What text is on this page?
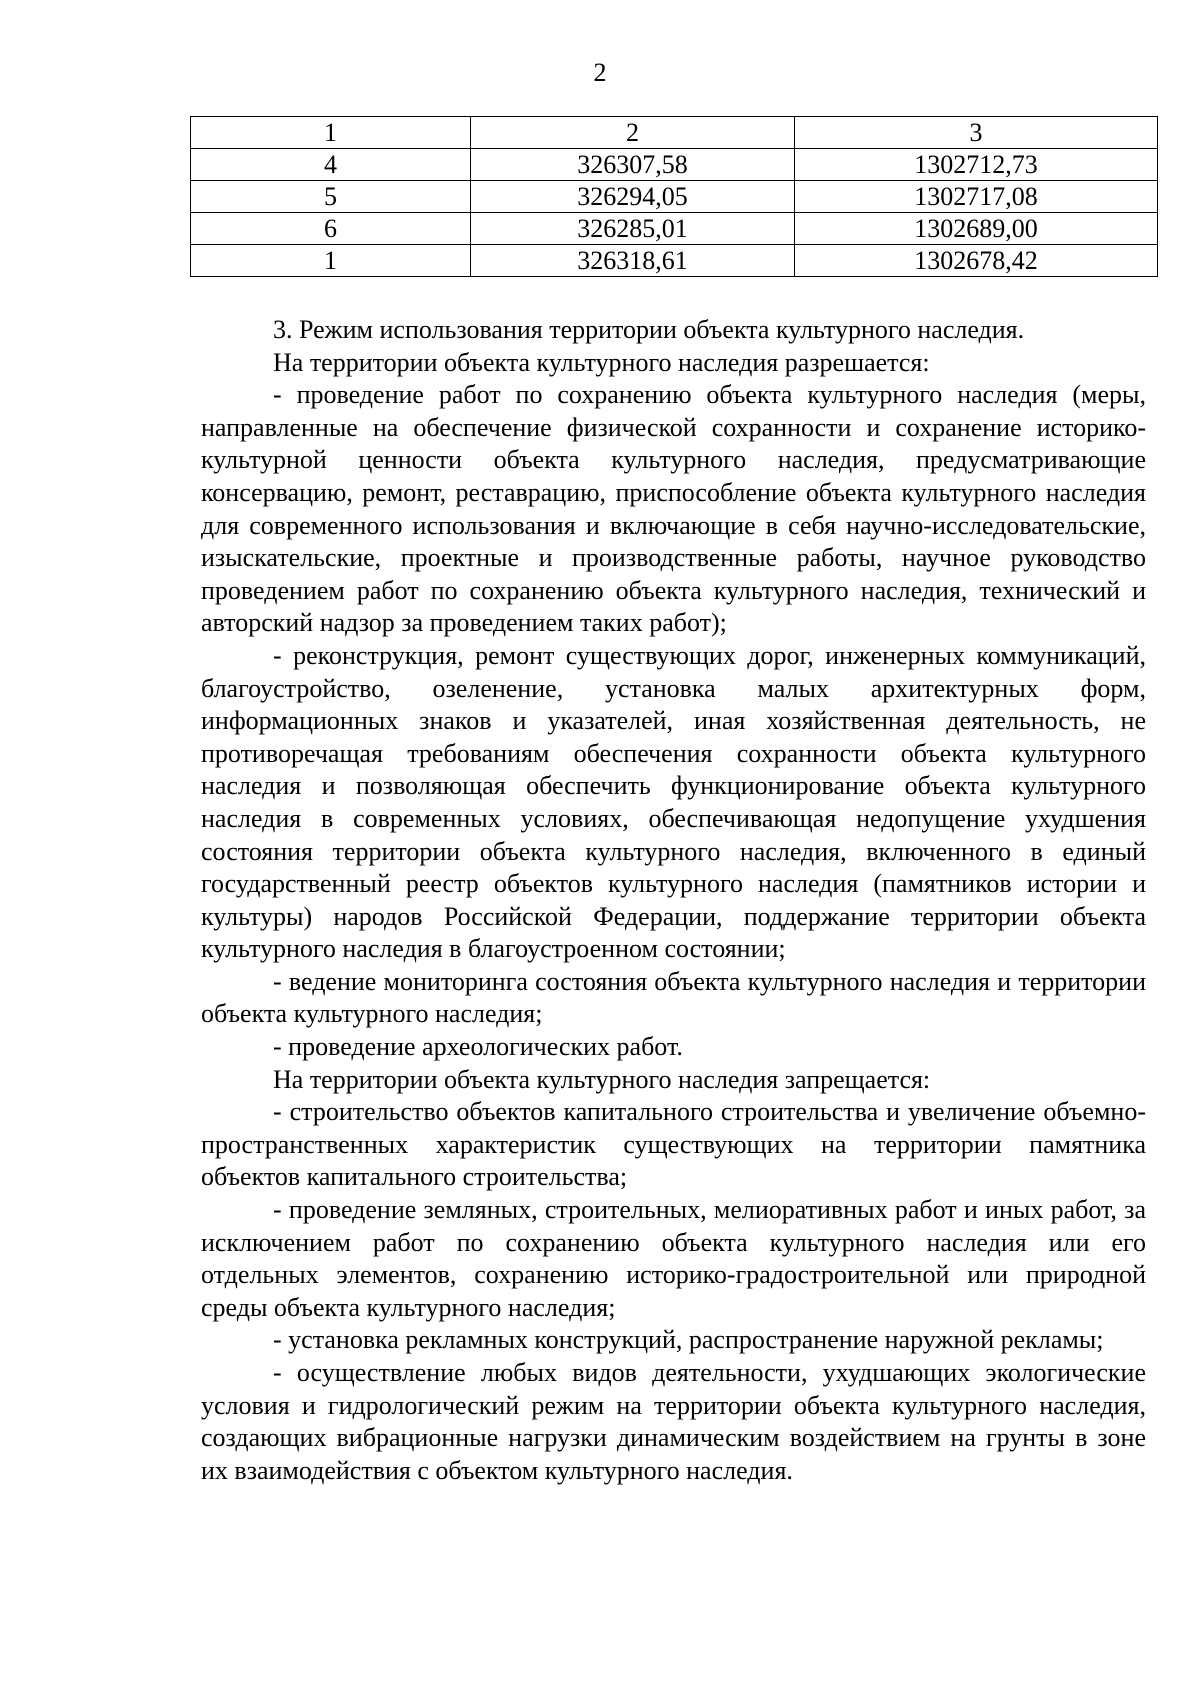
2
1	2	3
4	326307,58	1302712,73
5	326294,05	1302717,08
6	326285,01	1302689,00
1	326318,61	1302678,42

3. Режим использования территории объекта культурного наследия.

На территории объекта культурного наследия разрешается:

- проведение работ по сохранению объекта культурного наследия (меры, направленные на обеспечение физической сохранности и сохранение историко-культурной ценности объекта культурного наследия, предусматривающие консервацию, ремонт, реставрацию, приспособление объекта культурного наследия для современного использования и включающие в себя научно-исследовательские, изыскательские, проектные и производственные работы, научное руководство проведением работ по сохранению объекта культурного наследия, технический и авторский надзор за проведением таких работ);

- реконструкция, ремонт существующих дорог, инженерных коммуникаций, благоустройство, озеленение, установка малых архитектурных форм, информационных знаков и указателей, иная хозяйственная деятельность, не противоречащая требованиям обеспечения сохранности объекта культурного наследия и позволяющая обеспечить функционирование объекта культурного наследия в современных условиях, обеспечивающая недопущение ухудшения состояния территории объекта культурного наследия, включенного в единый государственный реестр объектов культурного наследия (памятников истории и культуры) народов Российской Федерации, поддержание территории объекта культурного наследия в благоустроенном состоянии;

- ведение мониторинга состояния объекта культурного наследия и территории объекта культурного наследия;

- проведение археологических работ.

На территории объекта культурного наследия запрещается:

- строительство объектов капитального строительства и увеличение объемно-пространственных характеристик существующих на территории памятника объектов капитального строительства;

- проведение земляных, строительных, мелиоративных работ и иных работ, за исключением работ по сохранению объекта культурного наследия или его отдельных элементов, сохранению историко-градостроительной или природной среды объекта культурного наследия;

- установка рекламных конструкций, распространение наружной рекламы;

- осуществление любых видов деятельности, ухудшающих экологические условия и гидрологический режим на территории объекта культурного наследия, создающих вибрационные нагрузки динамическим воздействием на грунты в зоне их взаимодействия с объектом культурного наследия.
